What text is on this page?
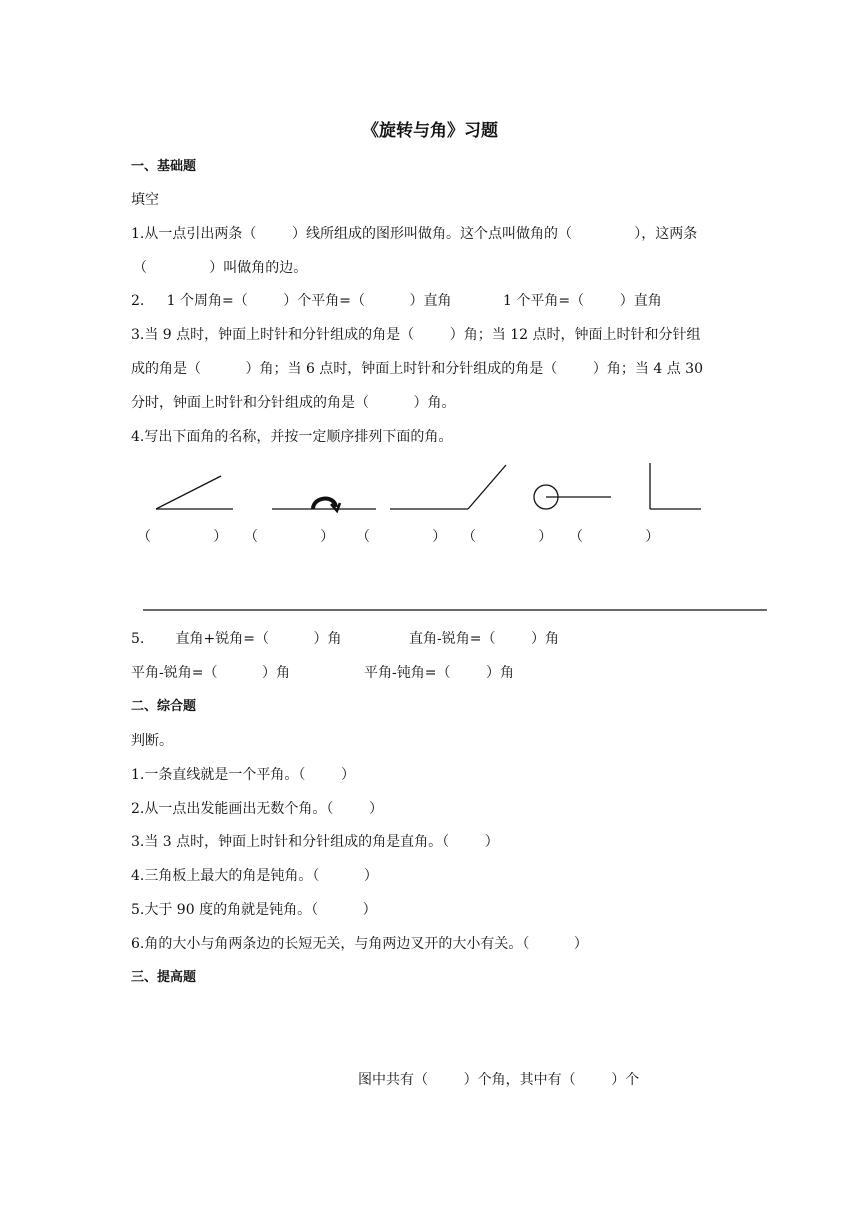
《旋转与角》习题
一、基础题
填空
1.从一点引出两条（        ）线所组成的图形叫做角。这个点叫做角的（              ），这两条
（              ）叫做角的边。
2.     1 个周角=（        ）个平角=（          ）直角	1 个平角=（        ）直角
3.当 9 点时，钟面上时针和分针组成的角是（        ）角；当 12 点时，钟面上时针和分针组
成的角是（          ）角；当 6 点时，钟面上时针和分针组成的角是（        ）角；当 4 点 30
分时，钟面上时针和分针组成的角是（          ）角。
4.写出下面角的名称，并按一定顺序排列下面的角。
（              ） （              ） （              ） （              ） （              ）
5.       直角+锐角=（          ）角	直角-锐角=（        ）角
平角-锐角=（          ）角	平角-钝角=（        ）角
二、综合题
判断。
1.一条直线就是一个平角。（        ）
2.从一点出发能画出无数个角。（        ）
3.当 3 点时，钟面上时针和分针组成的角是直角。（        ）
4.三角板上最大的角是钝角。（          ）
5.大于 90 度的角就是钝角。（          ）
6.角的大小与角两条边的长短无关，与角两边叉开的大小有关。（          ）
三、提高题
图中共有（        ）个角，其中有（        ）个
